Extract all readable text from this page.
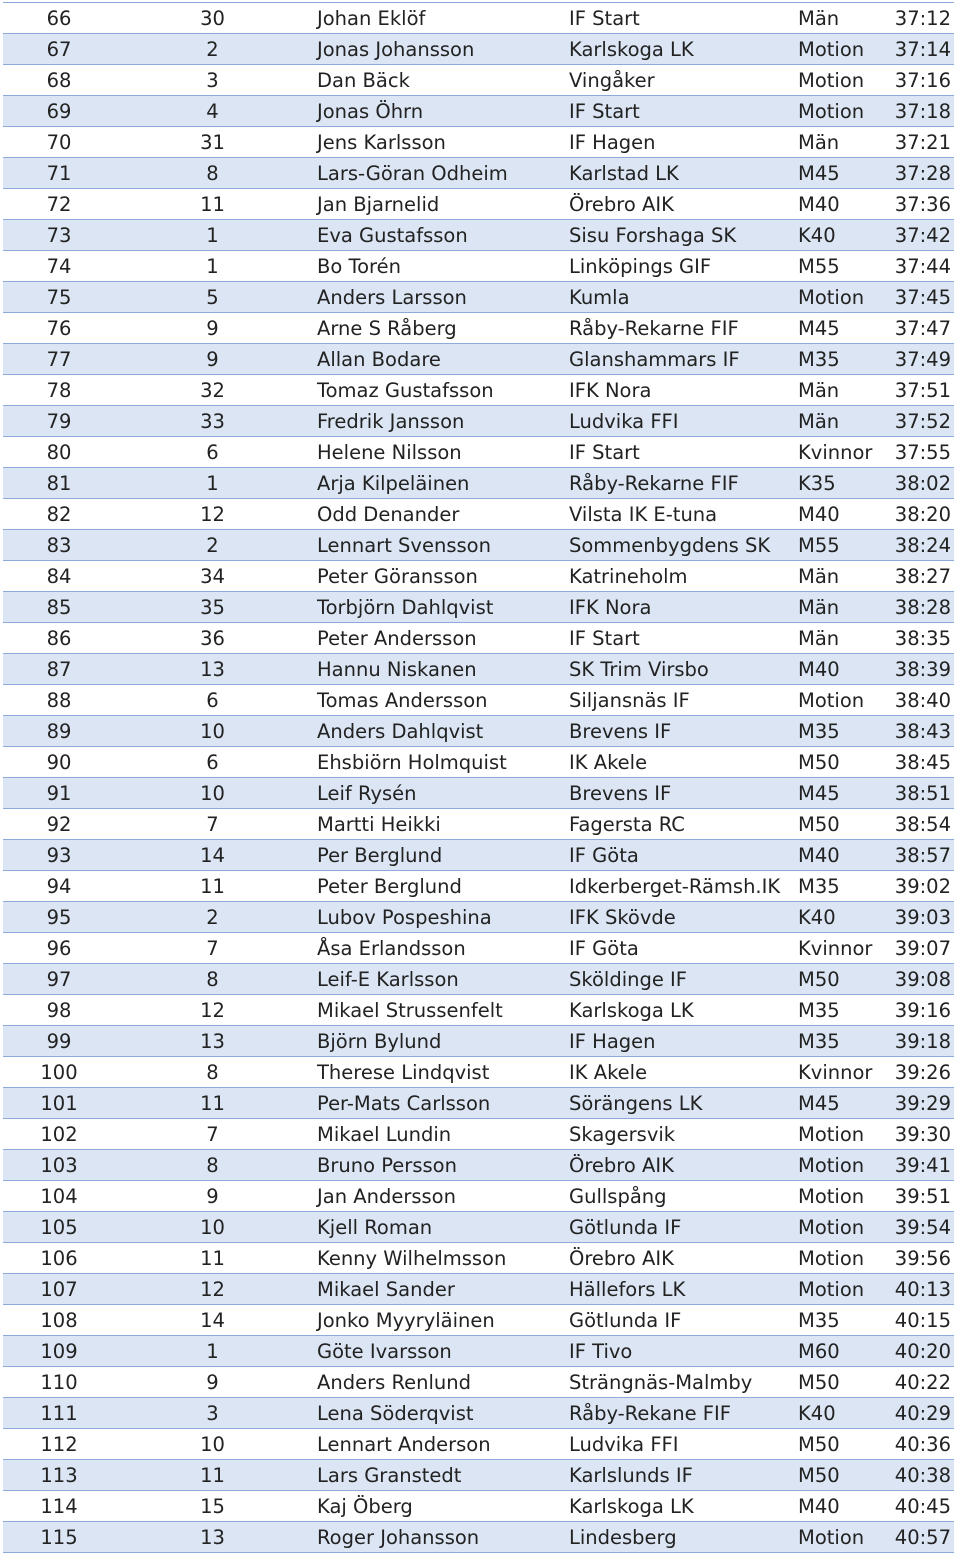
66	30	Johan Eklöf	IF Start	Män	37:12
67	2	Jonas Johansson	Karlskoga LK	Motion	37:14
68	3	Dan Bäck	Vingåker	Motion	37:16
69	4	Jonas Öhrn	IF Start	Motion	37:18
70	31	Jens Karlsson	IF Hagen	Män	37:21
71	8	Lars-Göran Odheim	Karlstad LK	M45	37:28
72	11	Jan Bjarnelid	Örebro AIK	M40	37:36
73	1	Eva Gustafsson	Sisu Forshaga SK	K40	37:42
74	1	Bo Torén	Linköpings GIF	M55	37:44
75	5	Anders Larsson	Kumla	Motion	37:45
76	9	Arne S Råberg	Råby-Rekarne FIF	M45	37:47
77	9	Allan Bodare	Glanshammars IF	M35	37:49
78	32	Tomaz Gustafsson	IFK Nora	Män	37:51
79	33	Fredrik Jansson	Ludvika FFI	Män	37:52
80	6	Helene Nilsson	IF Start	Kvinnor	37:55
81	1	Arja Kilpeläinen	Råby-Rekarne FIF	K35	38:02
82	12	Odd Denander	Vilsta IK E-tuna	M40	38:20
83	2	Lennart Svensson	Sommenbygdens SK	M55	38:24
84	34	Peter Göransson	Katrineholm	Män	38:27
85	35	Torbjörn Dahlqvist	IFK Nora	Män	38:28
86	36	Peter Andersson	IF Start	Män	38:35
87	13	Hannu Niskanen	SK Trim Virsbo	M40	38:39
88	6	Tomas Andersson	Siljansnäs IF	Motion	38:40
89	10	Anders Dahlqvist	Brevens IF	M35	38:43
90	6	Ehsbiörn Holmquist	IK Akele	M50	38:45
91	10	Leif Rysén	Brevens IF	M45	38:51
92	7	Martti Heikki	Fagersta RC	M50	38:54
93	14	Per Berglund	IF Göta	M40	38:57
94	11	Peter Berglund	Idkerberget-Rämsh.IK M35	39:02
95	2	Lubov Pospeshina	IFK Skövde	K40	39:03
96	7	Åsa Erlandsson	IF Göta	Kvinnor	39:07
97	8	Leif-E Karlsson	Sköldinge IF	M50	39:08
98	12	Mikael Strussenfelt	Karlskoga LK	M35	39:16
99	13	Björn Bylund	IF Hagen	M35	39:18
100	8	Therese Lindqvist	IK Akele	Kvinnor	39:26
101	11	Per-Mats Carlsson	Sörängens LK	M45	39:29
102	7	Mikael Lundin	Skagersvik	Motion	39:30
103	8	Bruno Persson	Örebro AIK	Motion	39:41
104	9	Jan Andersson	Gullspång	Motion	39:51
105	10	Kjell Roman	Götlunda IF	Motion	39:54
106	11	Kenny Wilhelmsson	Örebro AIK	Motion	39:56
107	12	Mikael Sander	Hällefors LK	Motion	40:13
108	14	Jonko Myyryläinen	Götlunda IF	M35	40:15
109	1	Göte Ivarsson	IF Tivo	M60	40:20
110	9	Anders Renlund	Strängnäs-Malmby	M50	40:22
111	3	Lena Söderqvist	Råby-Rekane FIF	K40	40:29
112	10	Lennart Anderson	Ludvika FFI	M50	40:36
113	11	Lars Granstedt	Karlslunds IF	M50	40:38
114	15	Kaj Öberg	Karlskoga LK	M40	40:45
115	13	Roger Johansson	Lindesberg	Motion	40:57
